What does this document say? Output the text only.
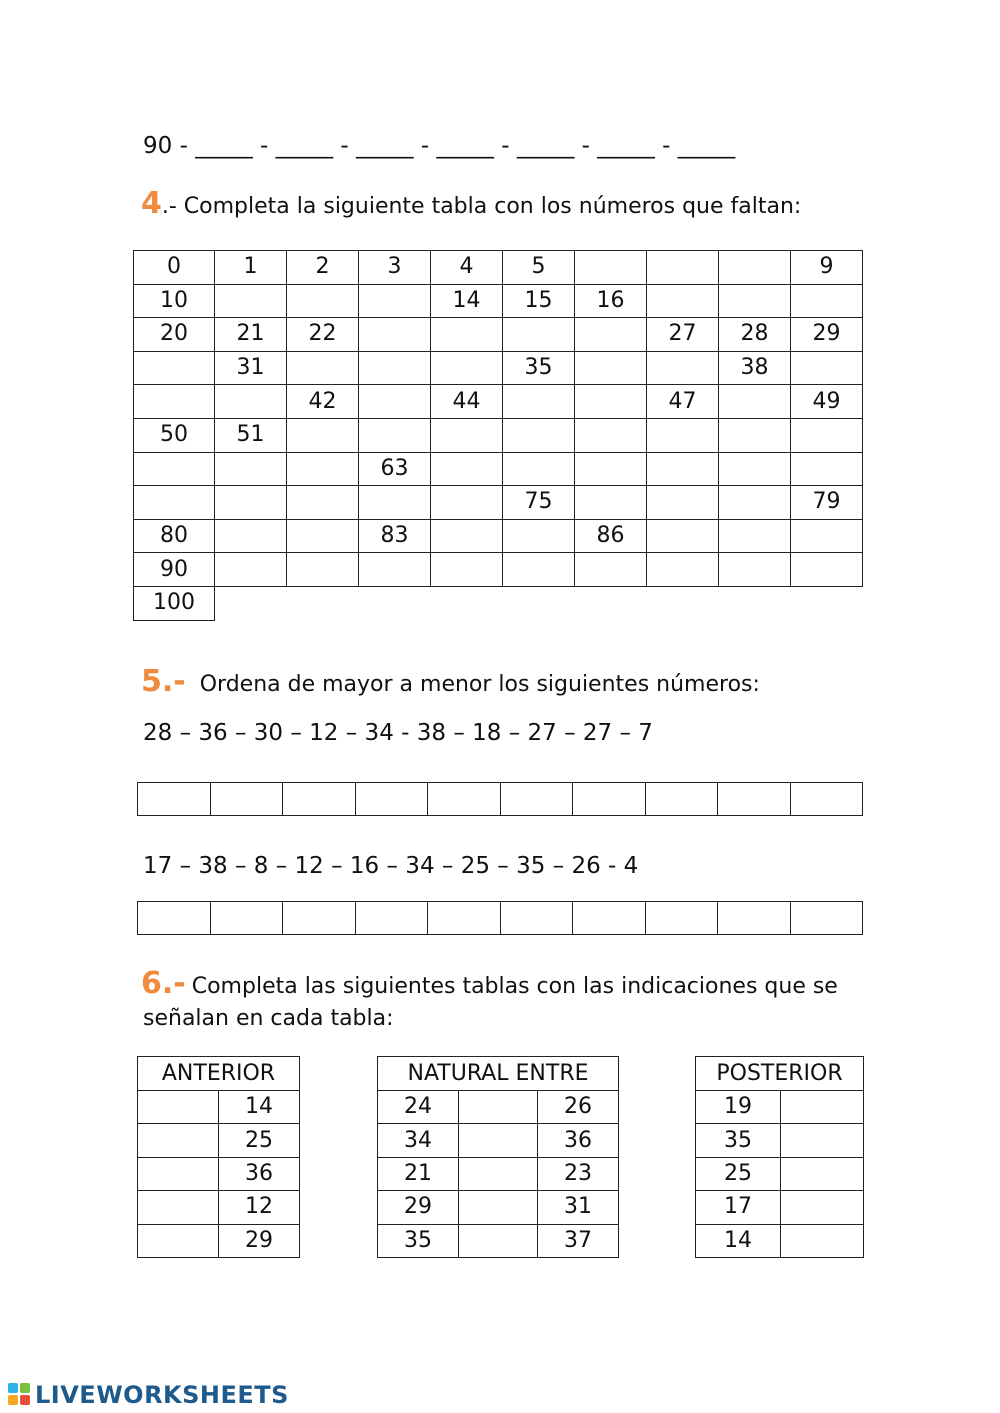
90 - _____ - _____ - _____ - _____ - _____ - _____ - _____
4.- Completa la siguiente tabla con los números que faltan:
0	1	2	3	4	5				9
10				14	15	16			
20	21	22					27	28	29
	31				35			38	
		42		44			47		49
50	51								
			63						
					75				79
80			83			86			
90									
100									
5.- Ordena de mayor a menor los siguientes números:
28 – 36 – 30 – 12 – 34 - 38 – 18 – 27 – 27 – 7

17 – 38 – 8 – 12 – 16 – 34 – 25 – 35 – 26 - 4

6.- Completa las siguientes tablas con las indicaciones que se
señalan en cada tabla:
ANTERIOR	
	14
	25
	36
	12
	29
NATURAL ENTRE		
24		26
34		36
21		23
29		31
35		37
POSTERIOR	
19	
35	
25	
17	
14	
LIVEWORKSHEETS
